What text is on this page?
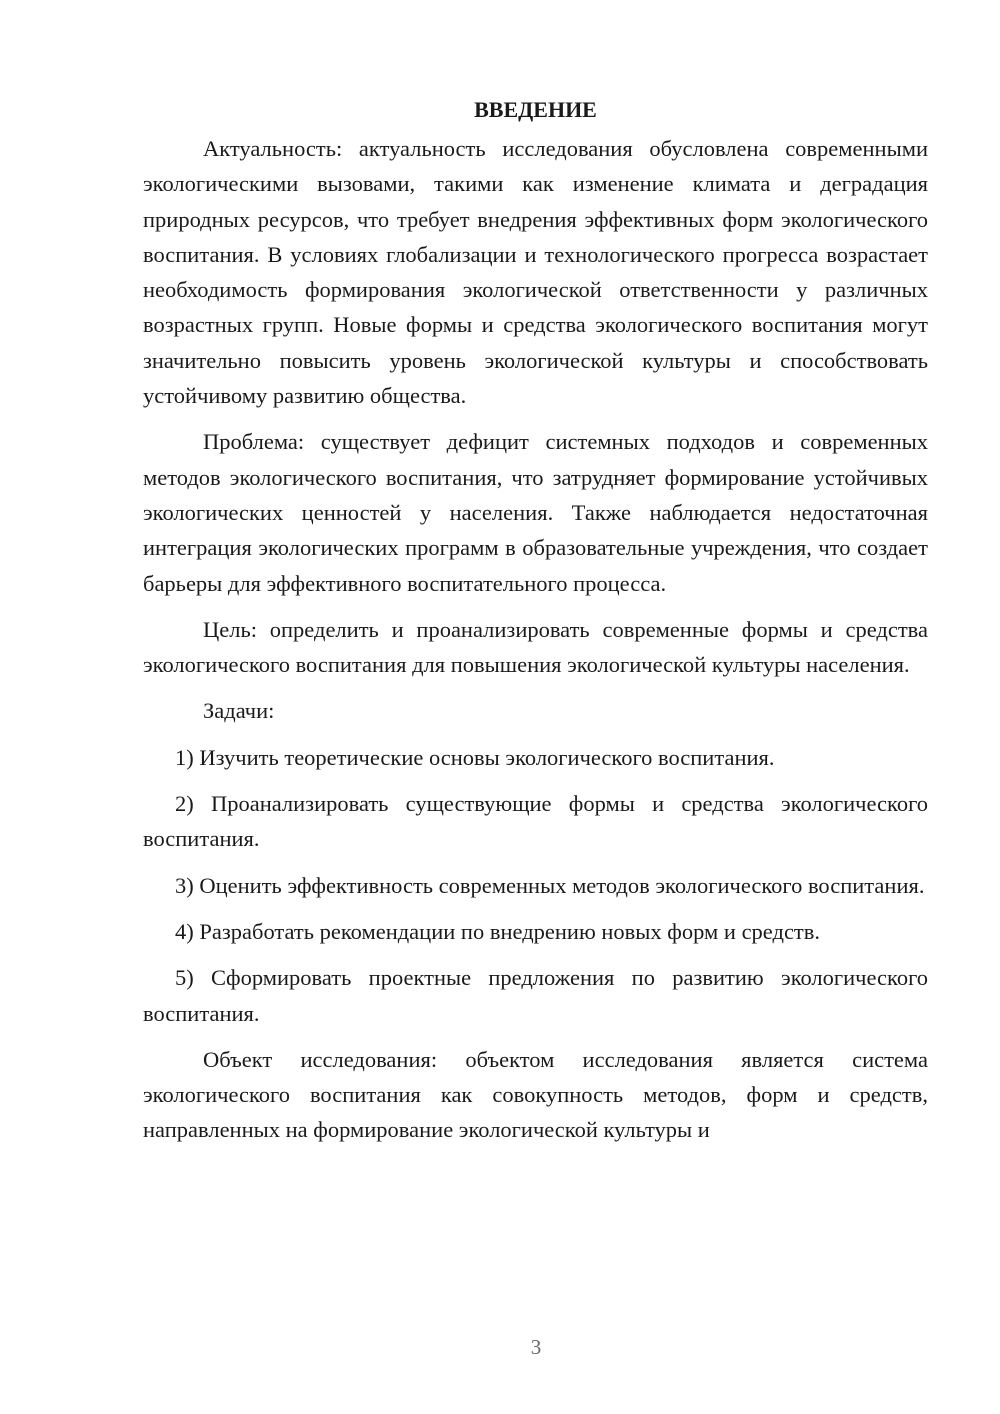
ВВЕДЕНИЕ

Актуальность: актуальность исследования обусловлена современными экологическими вызовами, такими как изменение климата и деградация природных ресурсов, что требует внедрения эффективных форм экологического воспитания. В условиях глобализации и технологического прогресса возрастает необходимость формирования экологической ответственности у различных возрастных групп. Новые формы и средства экологического воспитания могут значительно повысить уровень экологической культуры и способствовать устойчивому развитию общества.

Проблема: существует дефицит системных подходов и современных методов экологического воспитания, что затрудняет формирование устойчивых экологических ценностей у населения. Также наблюдается недостаточная интеграция экологических программ в образовательные учреждения, что создает барьеры для эффективного воспитательного процесса.

Цель: определить и проанализировать современные формы и средства экологического воспитания для повышения экологической культуры населения.

Задачи:

1) Изучить теоретические основы экологического воспитания.

2) Проанализировать существующие формы и средства экологического воспитания.

3) Оценить эффективность современных методов экологического воспитания.

4) Разработать рекомендации по внедрению новых форм и средств.

5) Сформировать проектные предложения по развитию экологического воспитания.

Объект исследования: объектом исследования является система экологического воспитания как совокупность методов, форм и средств, направленных на формирование экологической культуры и

3
